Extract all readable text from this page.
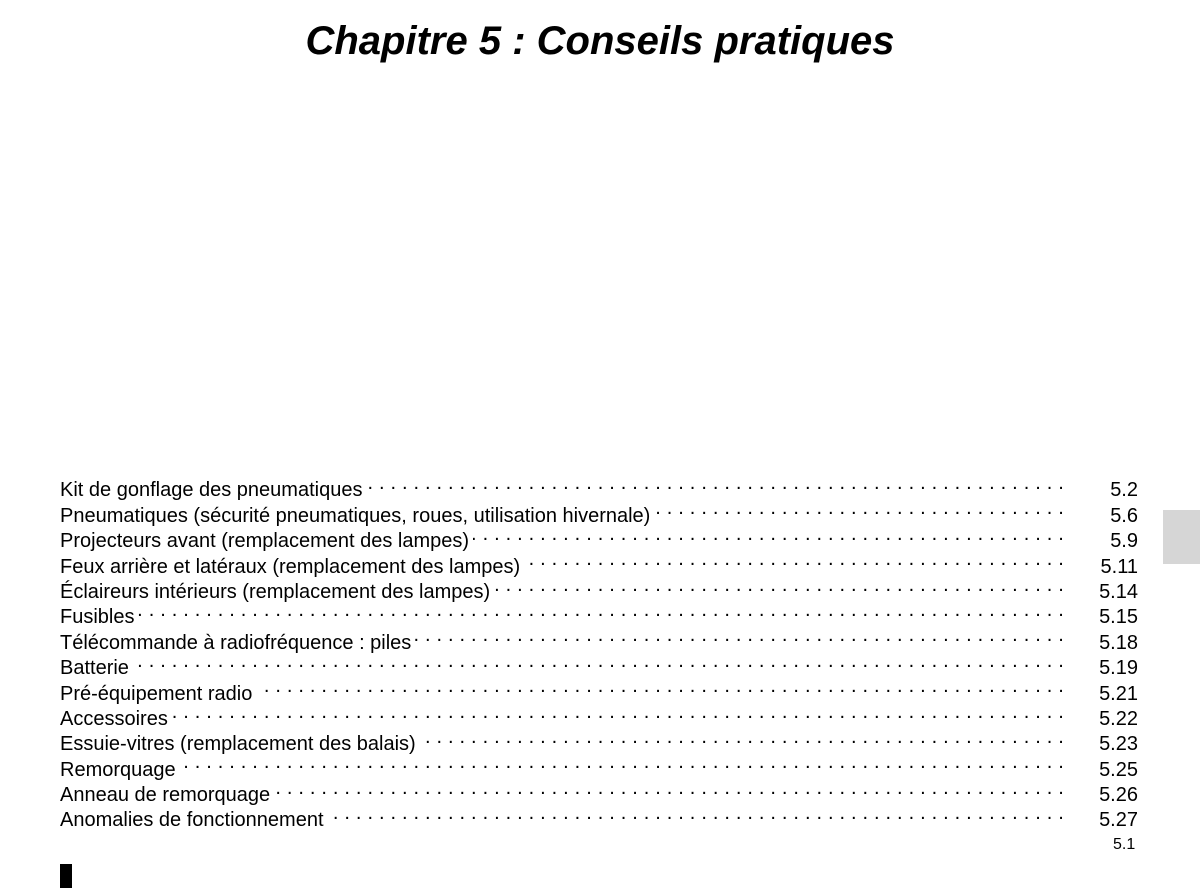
Chapitre 5 : Conseils pratiques
Kit de gonflage des pneumatiques . . .	5.2
Pneumatiques (sécurité pneumatiques, roues, utilisation hivernale) . . .	5.6
Projecteurs avant (remplacement des lampes) . . .	5.9
Feux arrière et latéraux (remplacement des lampes) . . .	5.11
Éclaireurs intérieurs (remplacement des lampes) . . .	5.14
Fusibles . . .	5.15
Télécommande à radiofréquence : piles . . .	5.18
Batterie . . .	5.19
Pré-équipement radio . . .	5.21
Accessoires . . .	5.22
Essuie-vitres (remplacement des balais) . . .	5.23
Remorquage . . .	5.25
Anneau de remorquage . . .	5.26
Anomalies de fonctionnement . . .	5.27
5.1
